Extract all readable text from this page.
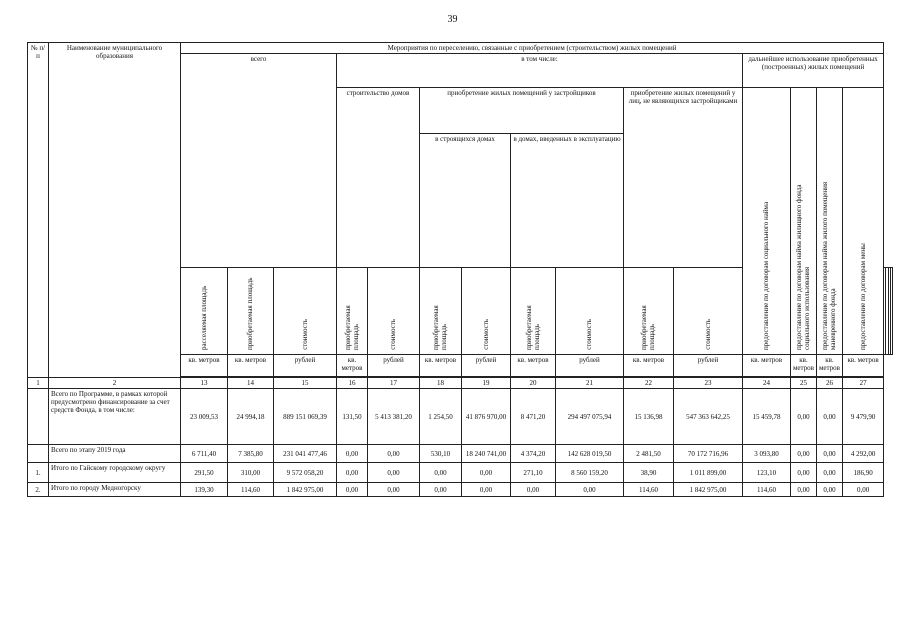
39
№ п/п	Наименование муниципального образования	Мероприятия по переселению, связанные с приобретением (строительством) жилых помещений																		
		всего			в том числе:								дальнейшее использование приобретенных (построенных) жилых помещений							
					строительство домов		приобретение жилых помещений у застройщиков				приобретение жилых помещений у лиц, не являющихся застройщиками		предоставление по договорам социального найма	предоставление по договорам найма жилищного фонда социального использования	предоставление по договорам найма жилого помещения маневренного фонда	предоставление по договорам мены				
							в строящихся домах		в домах, введенных в эксплуатацию											
		расселяемая площадь	приобретаемая площадь	стоимость	приобретаемая площадь	стоимость	приобретаемая площадь	стоимость	приобретаемая площадь	стоимость	приобретаемая площадь	стоимость				
		кв. метров	кв. метров	рублей	кв. метров	рублей	кв. метров	рублей	кв. метров	рублей	кв. метров	рублей	кв. метров	кв. метров	кв. метров	кв. метров				

1	2	13	14	15	16	17	18	19	20	21	22	23	24	25	26	27				
	Всего по Программе, в рамках которой предусмотрено финансирование за счет средств Фонда, в том числе:	23 009,53	24 994,18	889 151 069,39	131,50	5 413 381,20	1 254,50	41 876 970,00	8 471,20	294 497 075,94	15 136,98	547 363 642,25	15 459,78	0,00	0,00	9 479,90				
	Всего по этапу 2019 года	6 711,40	7 385,80	231 041 477,46	0,00	0,00	530,10	18 240 741,00	4 374,20	142 628 019,50	2 481,50	70 172 716,96	3 093,80	0,00	0,00	4 292,00				
1.	Итого по Гайскому городскому округу	291,50	310,00	9 572 058,20	0,00	0,00	0,00	0,00	271,10	8 560 159,20	38,90	1 011 899,00	123,10	0,00	0,00	186,90				
2.	Итого по городу Медногорску	139,30	114,60	1 842 975,00	0,00	0,00	0,00	0,00	0,00	0,00	114,60	1 842 975,00	114,60	0,00	0,00	0,00				
